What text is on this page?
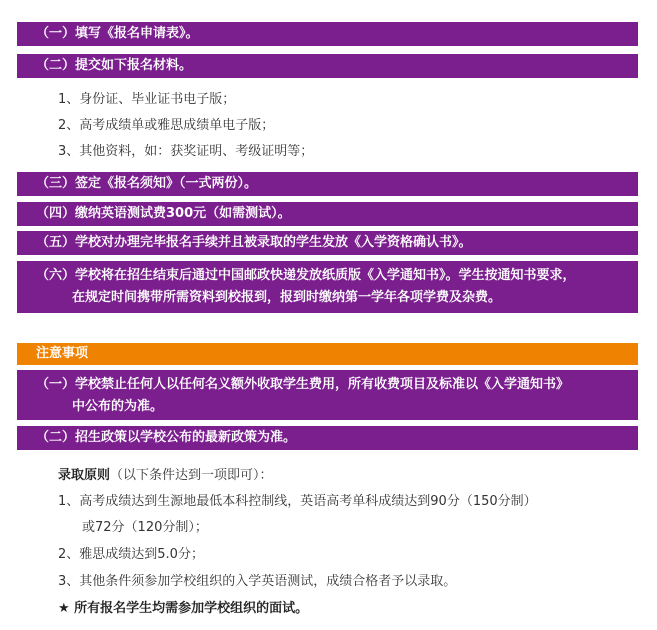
（一）填写《报名申请表》。
（二）提交如下报名材料。
1、身份证、毕业证书电子版；
2、高考成绩单或雅思成绩单电子版；
3、其他资料，如：获奖证明、考级证明等；
（三）签定《报名须知》（一式两份）。
（四）缴纳英语测试费300元（如需测试）。
（五）学校对办理完毕报名手续并且被录取的学生发放《入学资格确认书》。
（六）学校将在招生结束后通过中国邮政快递发放纸质版《入学通知书》。学生按通知书要求，
在规定时间携带所需资料到校报到，报到时缴纳第一学年各项学费及杂费。
注意事项
（一）学校禁止任何人以任何名义额外收取学生费用，所有收费项目及标准以《入学通知书》
中公布的为准。
（二）招生政策以学校公布的最新政策为准。
录取原则（以下条件达到一项即可）：
1、高考成绩达到生源地最低本科控制线，英语高考单科成绩达到90分（150分制）
或72分（120分制）；
2、雅思成绩达到5.0分；
3、其他条件须参加学校组织的入学英语测试，成绩合格者予以录取。
★ 所有报名学生均需参加学校组织的面试。
